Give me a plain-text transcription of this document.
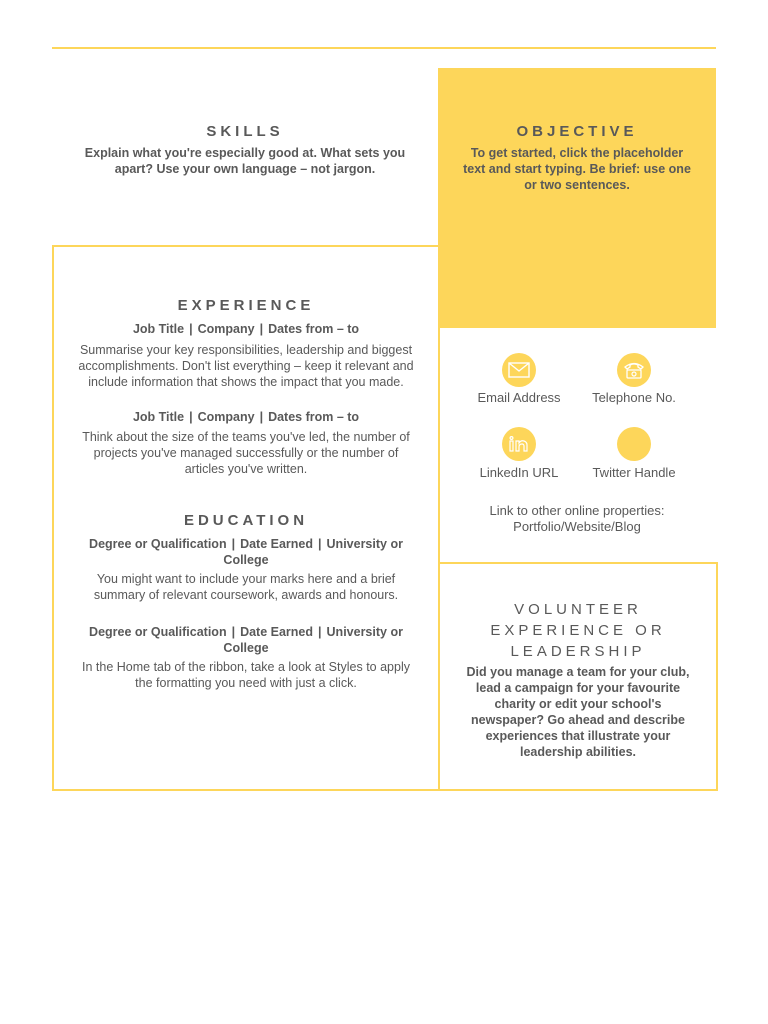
SKILLS
Explain what you're especially good at. What sets you apart? Use your own language – not jargon.
OBJECTIVE
To get started, click the placeholder text and start typing. Be brief: use one or two sentences.
EXPERIENCE
Job Title | Company | Dates from – to
Summarise your key responsibilities, leadership and biggest accomplishments. Don't list everything – keep it relevant and include information that shows the impact that you made.
Job Title | Company | Dates from – to
Think about the size of the teams you've led, the number of projects you've managed successfully or the number of articles you've written.
EDUCATION
Degree or Qualification | Date Earned | University or College
You might want to include your marks here and a brief summary of relevant coursework, awards and honours.
Degree or Qualification | Date Earned | University or College
In the Home tab of the ribbon, take a look at Styles to apply the formatting you need with just a click.
Email Address	Telephone No.
LinkedIn URL	Twitter Handle
Link to other online properties:
Portfolio/Website/Blog
VOLUNTEER
EXPERIENCE OR
LEADERSHIP
Did you manage a team for your club, lead a campaign for your favourite charity or edit your school's newspaper? Go ahead and describe experiences that illustrate your leadership abilities.
